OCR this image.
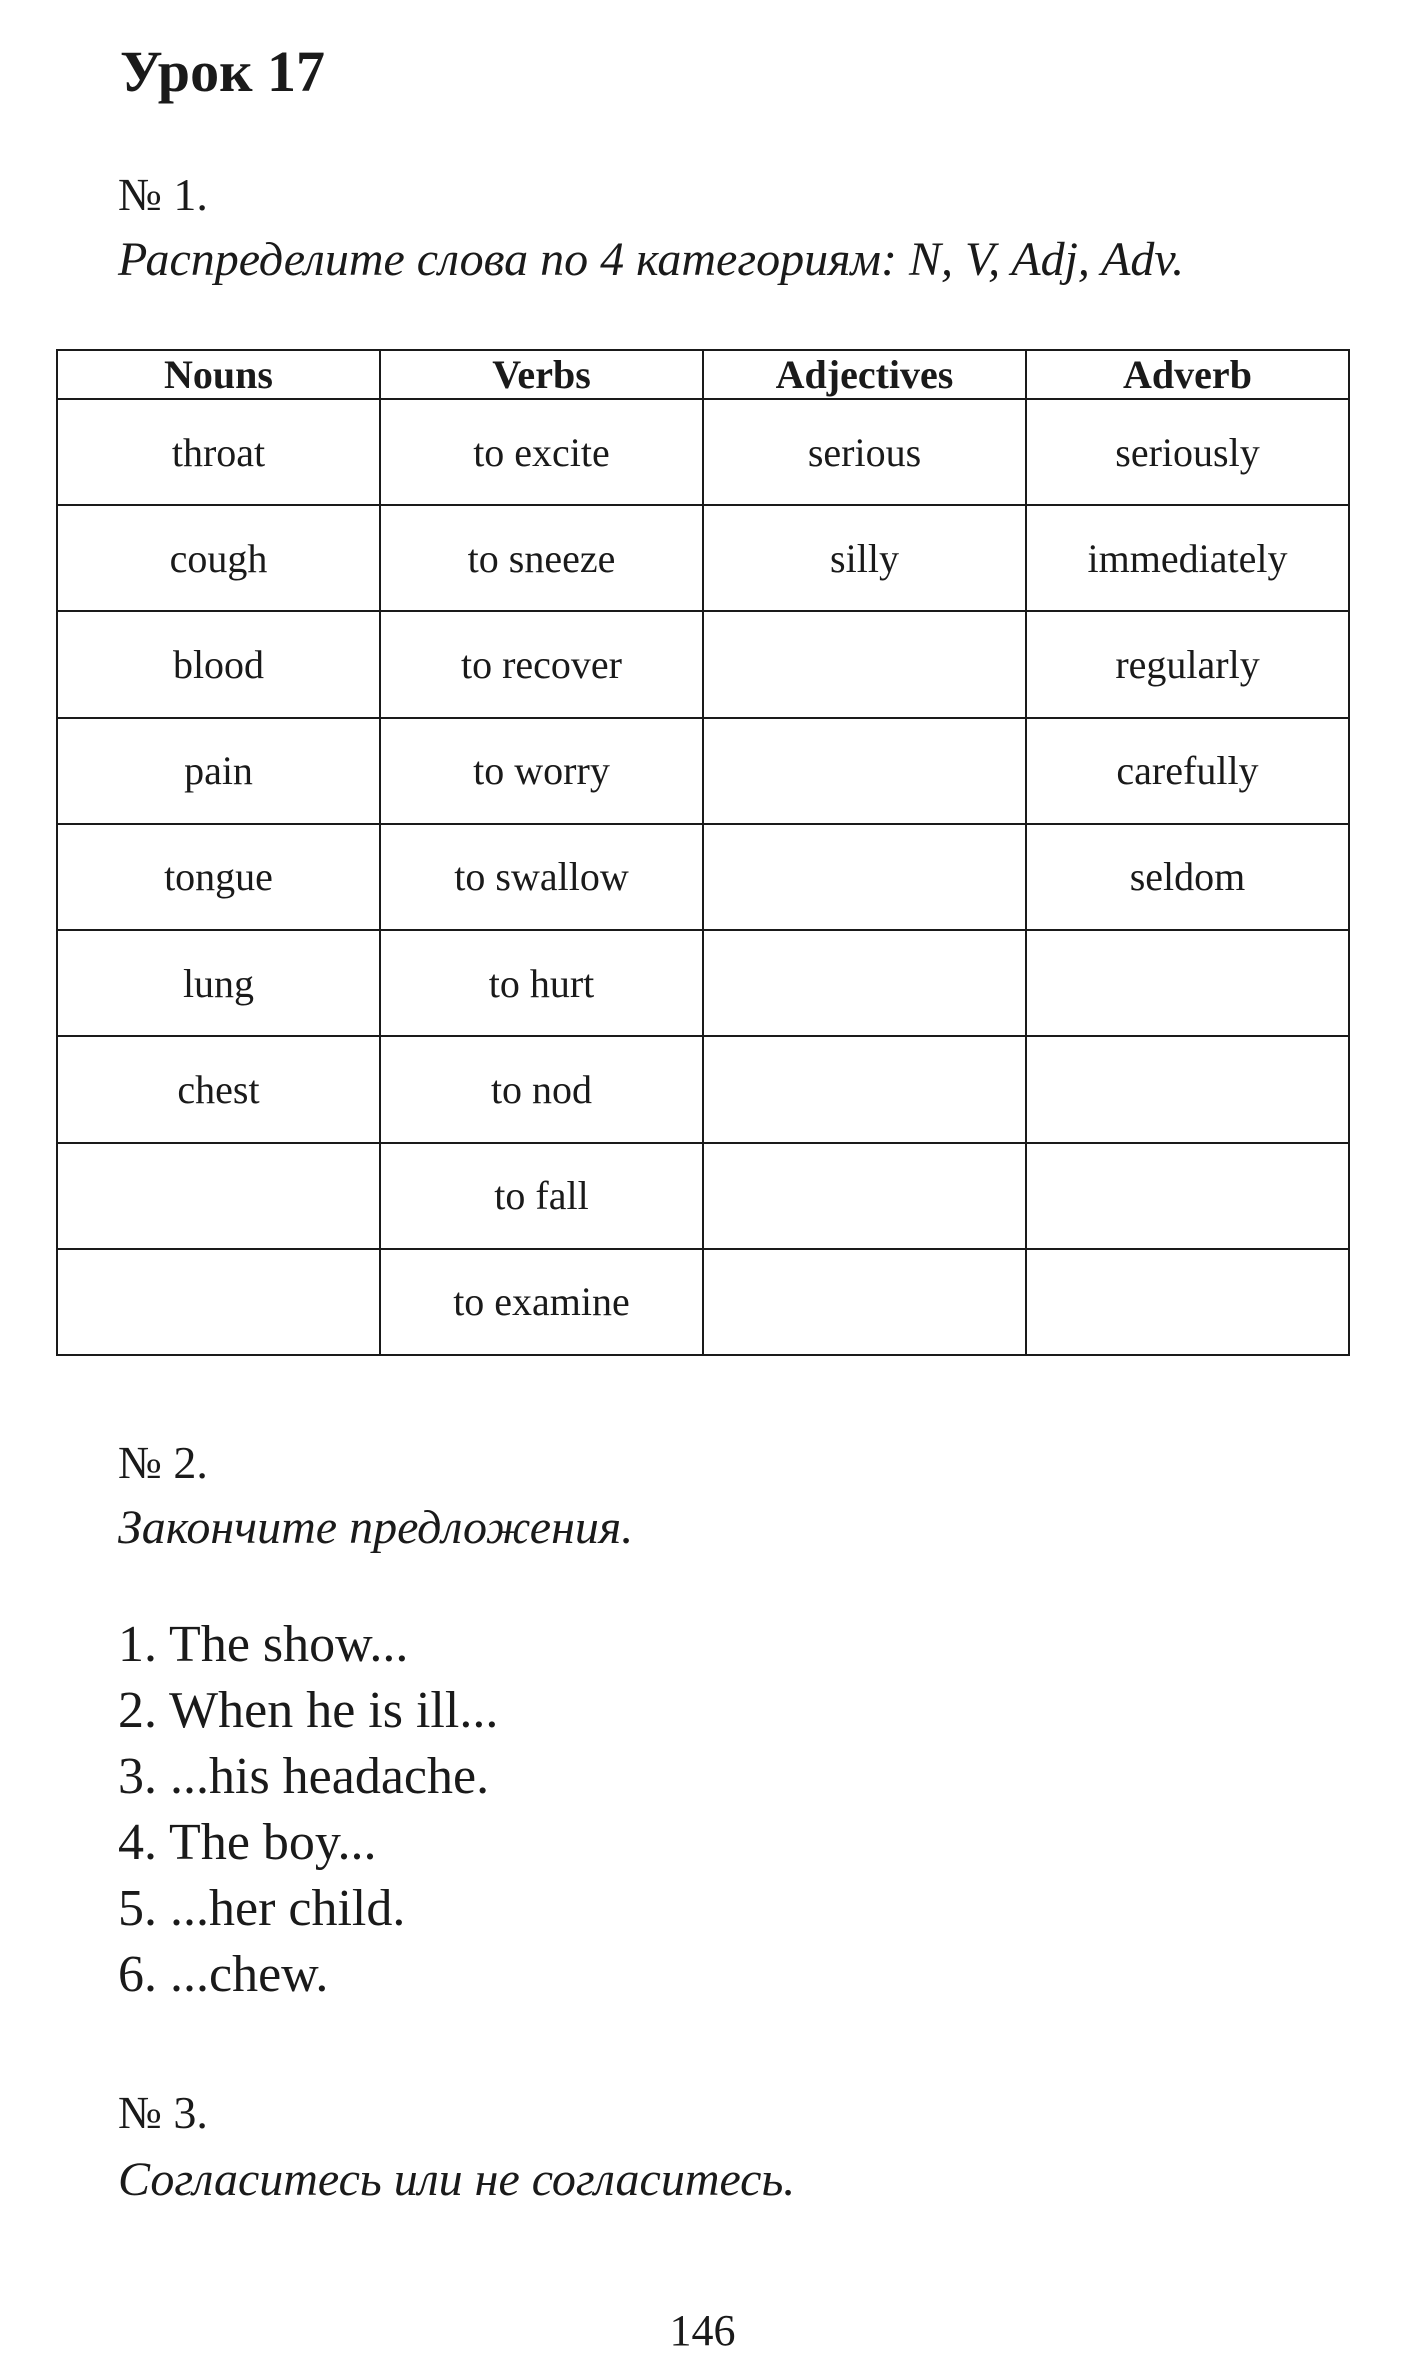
Урок 17

№ 1.

Распределите слова по 4 категориям: N, V, Adj, Adv.

Nouns	Verbs	Adjectives	Adverb
throat	to excite	serious	seriously
cough	to sneeze	silly	immediately
blood	to recover		regularly
pain	to worry		carefully
tongue	to swallow		seldom
lung	to hurt		
chest	to nod		
	to fall		
	to examine		

№ 2.

Закончите предложения.

1. The show...
2. When he is ill...
3. ...his headache.
4. The boy...
5. ...her child.
6. ...chew.

№ 3.

Согласитесь или не согласитесь.

146
